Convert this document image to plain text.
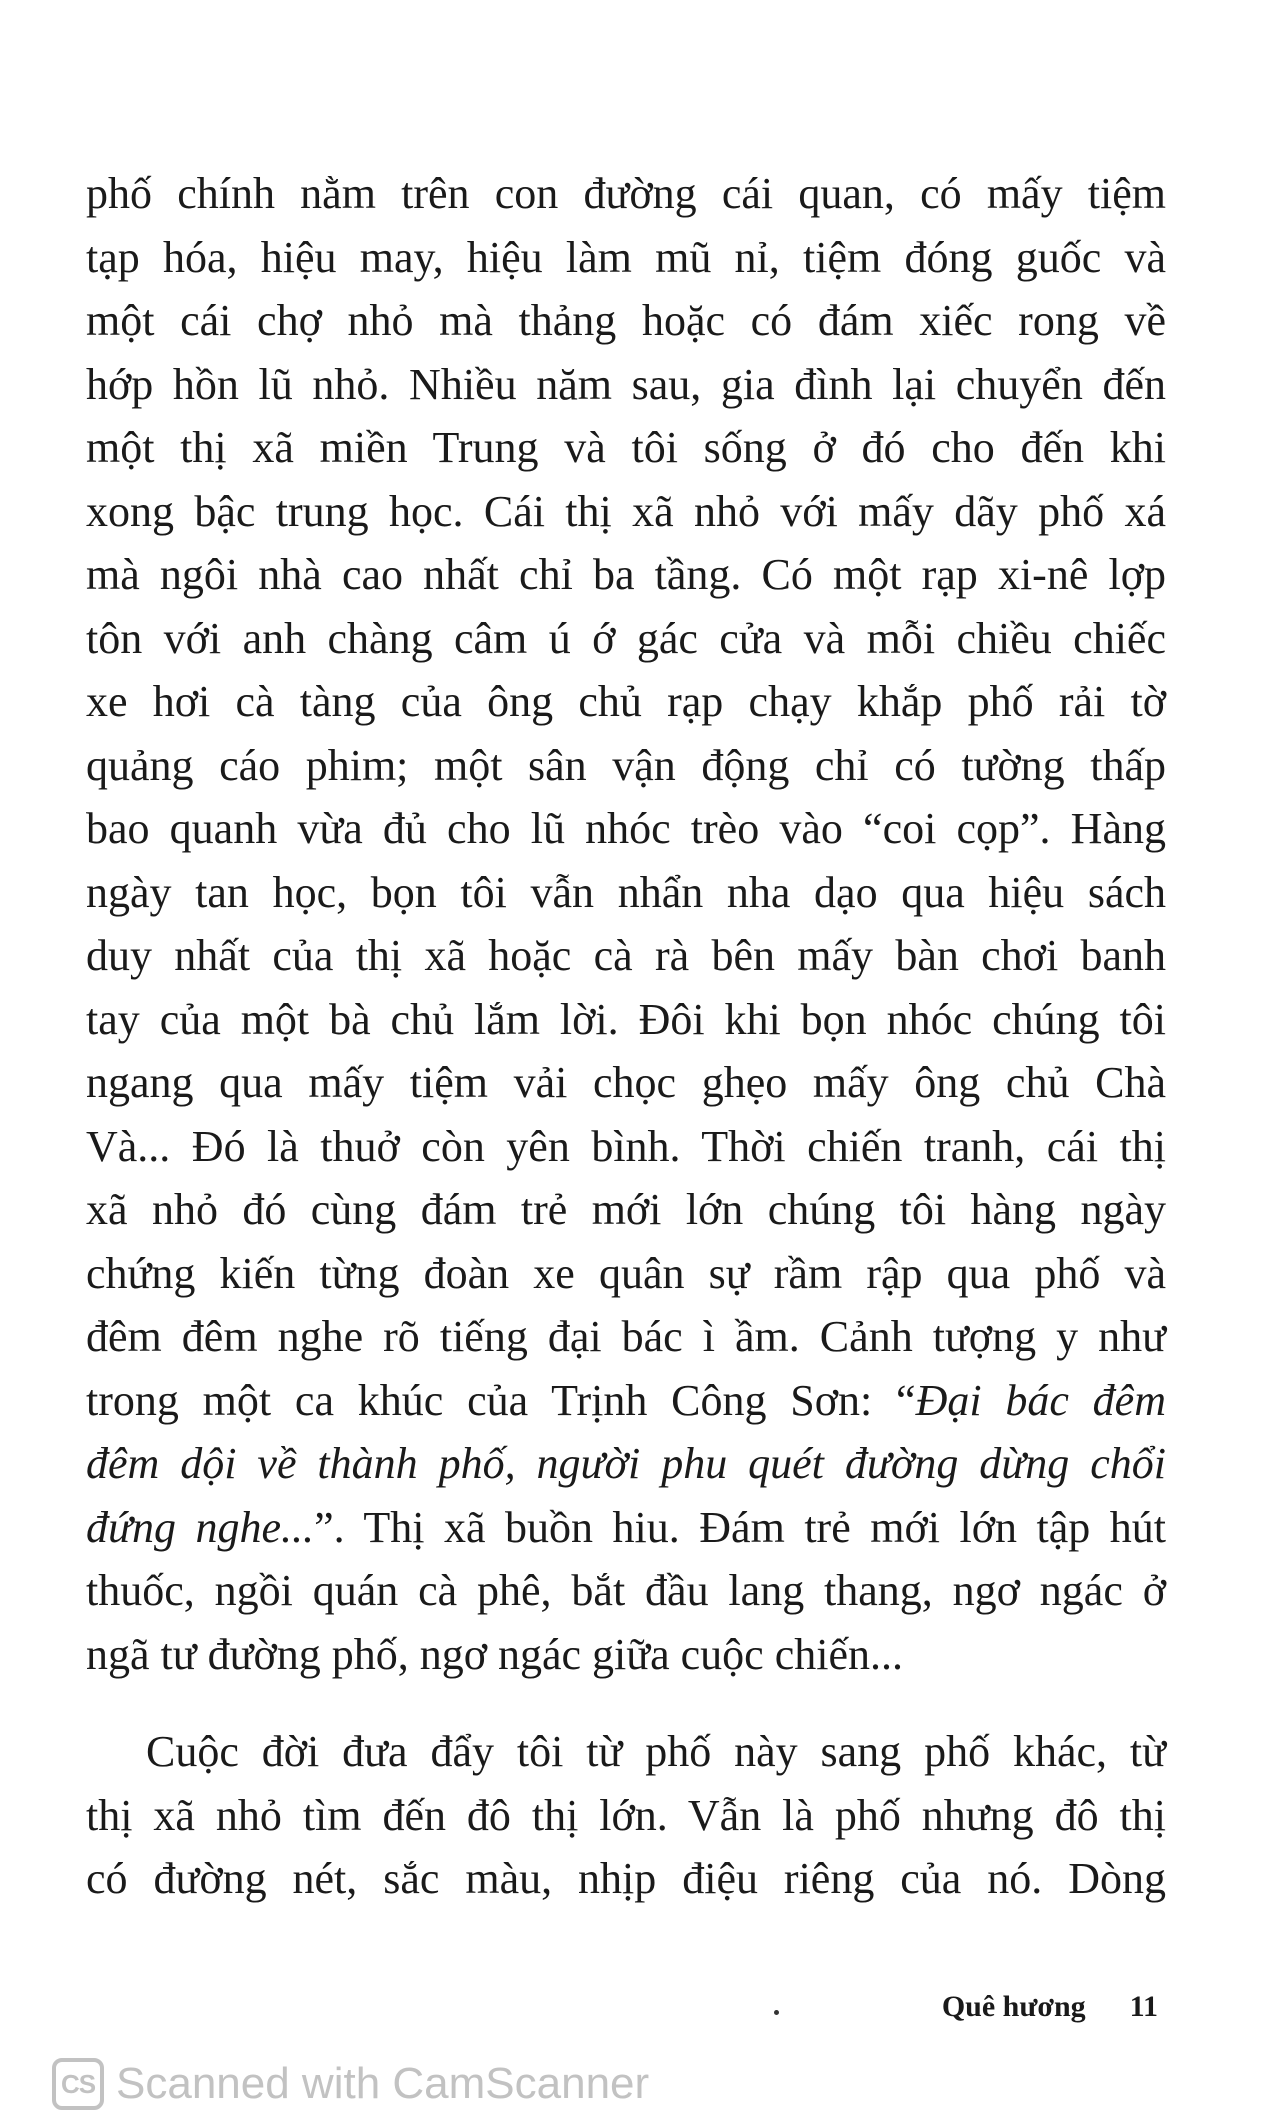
phố chính nằm trên con đường cái quan, có mấy tiệm
tạp hóa, hiệu may, hiệu làm mũ nỉ, tiệm đóng guốc và
một cái chợ nhỏ mà thảng hoặc có đám xiếc rong về
hớp hồn lũ nhỏ. Nhiều năm sau, gia đình lại chuyển đến
một thị xã miền Trung và tôi sống ở đó cho đến khi
xong bậc trung học. Cái thị xã nhỏ với mấy dãy phố xá
mà ngôi nhà cao nhất chỉ ba tầng. Có một rạp xi-nê lợp
tôn với anh chàng câm ú ớ gác cửa và mỗi chiều chiếc
xe hơi cà tàng của ông chủ rạp chạy khắp phố rải tờ
quảng cáo phim; một sân vận động chỉ có tường thấp
bao quanh vừa đủ cho lũ nhóc trèo vào “coi cọp”. Hàng
ngày tan học, bọn tôi vẫn nhẩn nha dạo qua hiệu sách
duy nhất của thị xã hoặc cà rà bên mấy bàn chơi banh
tay của một bà chủ lắm lời. Đôi khi bọn nhóc chúng tôi
ngang qua mấy tiệm vải chọc ghẹo mấy ông chủ Chà
Và... Đó là thuở còn yên bình. Thời chiến tranh, cái thị
xã nhỏ đó cùng đám trẻ mới lớn chúng tôi hàng ngày
chứng kiến từng đoàn xe quân sự rầm rập qua phố và
đêm đêm nghe rõ tiếng đại bác ì ầm. Cảnh tượng y như
trong một ca khúc của Trịnh Công Sơn: “Đại bác đêm
đêm dội về thành phố, người phu quét đường dừng chổi
đứng nghe...”. Thị xã buồn hiu. Đám trẻ mới lớn tập hút
thuốc, ngồi quán cà phê, bắt đầu lang thang, ngơ ngác ở
ngã tư đường phố, ngơ ngác giữa cuộc chiến...
Cuộc đời đưa đẩy tôi từ phố này sang phố khác, từ
thị xã nhỏ tìm đến đô thị lớn. Vẫn là phố nhưng đô thị
có đường nét, sắc màu, nhịp điệu riêng của nó. Dòng
Quê hương 11
CS Scanned with CamScanner
